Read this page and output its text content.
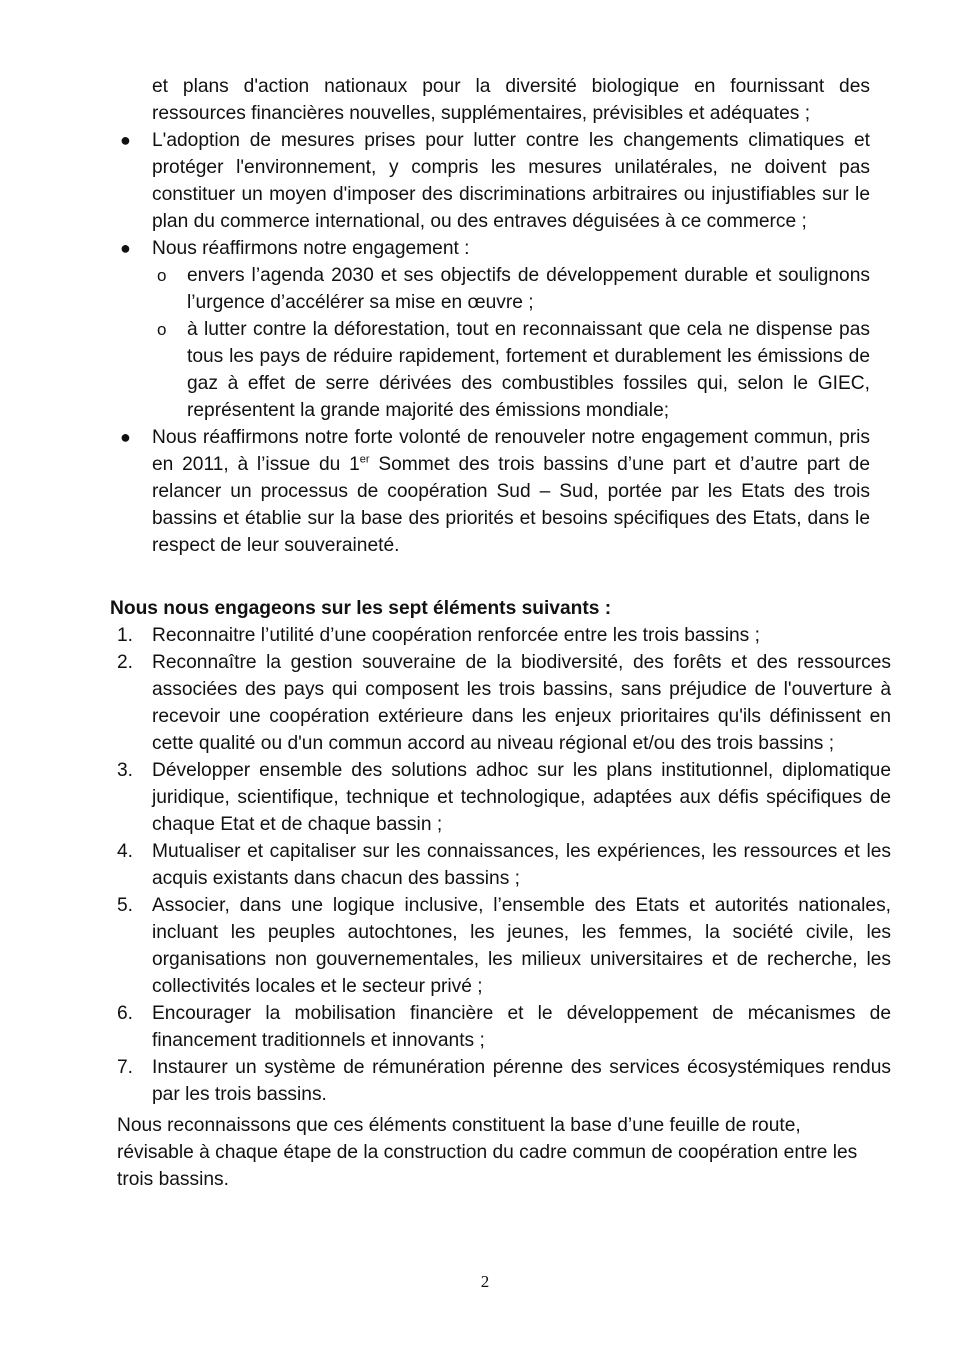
et plans d'action nationaux pour la diversité biologique en fournissant des ressources financières nouvelles, supplémentaires, prévisibles et adéquates ;
● L'adoption de mesures prises pour lutter contre les changements climatiques et protéger l'environnement, y compris les mesures unilatérales, ne doivent pas constituer un moyen d'imposer des discriminations arbitraires ou injustifiables sur le plan du commerce international, ou des entraves déguisées à ce commerce ;
● Nous réaffirmons notre engagement :
o envers l’agenda 2030 et ses objectifs de développement durable et soulignons l’urgence d’accélérer sa mise en œuvre ;
o à lutter contre la déforestation, tout en reconnaissant que cela ne dispense pas tous les pays de réduire rapidement, fortement et durablement les émissions de gaz à effet de serre dérivées des combustibles fossiles qui, selon le GIEC, représentent la grande majorité des émissions mondiale;
● Nous réaffirmons notre forte volonté de renouveler notre engagement commun, pris en 2011, à l’issue du 1er Sommet des trois bassins d’une part et d’autre part de relancer un processus de coopération Sud – Sud, portée par les Etats des trois bassins et établie sur la base des priorités et besoins spécifiques des Etats, dans le respect de leur souveraineté.
Nous nous engageons sur les sept éléments suivants :
1. Reconnaitre l’utilité d’une coopération renforcée entre les trois bassins ;
2. Reconnaître la gestion souveraine de la biodiversité, des forêts et des ressources associées des pays qui composent les trois bassins, sans préjudice de l'ouverture à recevoir une coopération extérieure dans les enjeux prioritaires qu'ils définissent en cette qualité ou d'un commun accord au niveau régional et/ou des trois bassins ;
3. Développer ensemble des solutions adhoc sur les plans institutionnel, diplomatique juridique, scientifique, technique et technologique, adaptées aux défis spécifiques de chaque Etat et de chaque bassin ;
4. Mutualiser et capitaliser sur les connaissances, les expériences, les ressources et les acquis existants dans chacun des bassins ;
5. Associer, dans une logique inclusive, l’ensemble des Etats et autorités nationales, incluant les peuples autochtones, les jeunes, les femmes, la société civile, les organisations non gouvernementales, les milieux universitaires et de recherche, les collectivités locales et le secteur privé ;
6. Encourager la mobilisation financière et le développement de mécanismes de financement traditionnels et innovants ;
7. Instaurer un système de rémunération pérenne des services écosystémiques rendus par les trois bassins.
Nous reconnaissons que ces éléments constituent la base d’une feuille de route, révisable à chaque étape de la construction du cadre commun de coopération entre les trois bassins.
2
